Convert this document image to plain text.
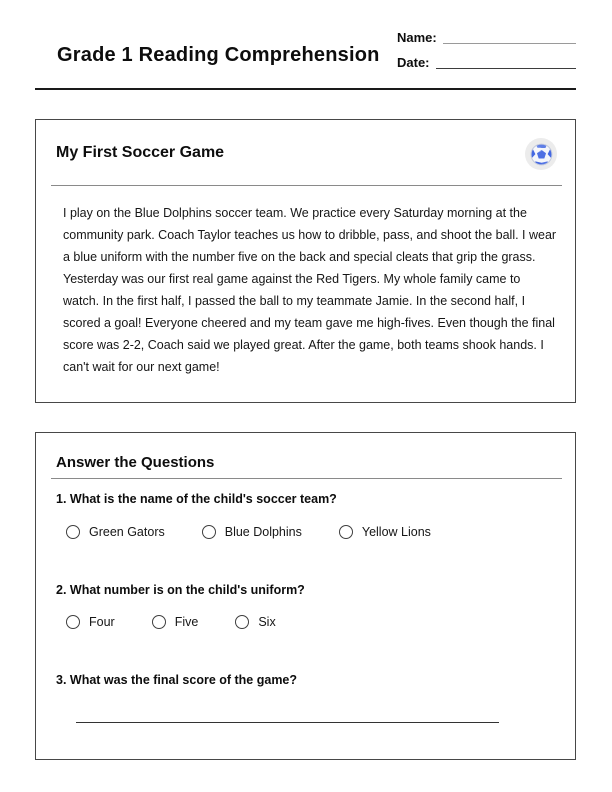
Grade 1 Reading Comprehension
Name:
Date:
My First Soccer Game

I play on the Blue Dolphins soccer team. We practice every Saturday morning at the community park. Coach Taylor teaches us how to dribble, pass, and shoot the ball. I wear a blue uniform with the number five on the back and special cleats that grip the grass. Yesterday was our first real game against the Red Tigers. My whole family came to watch. In the first half, I passed the ball to my teammate Jamie. In the second half, I scored a goal! Everyone cheered and my team gave me high-fives. Even though the final score was 2-2, Coach said we played great. After the game, both teams shook hands. I can't wait for our next game!

Answer the Questions

1. What is the name of the child's soccer team?

Green Gators	Blue Dolphins	Yellow Lions

2. What number is on the child's uniform?

Four	Five	Six

3. What was the final score of the game?
